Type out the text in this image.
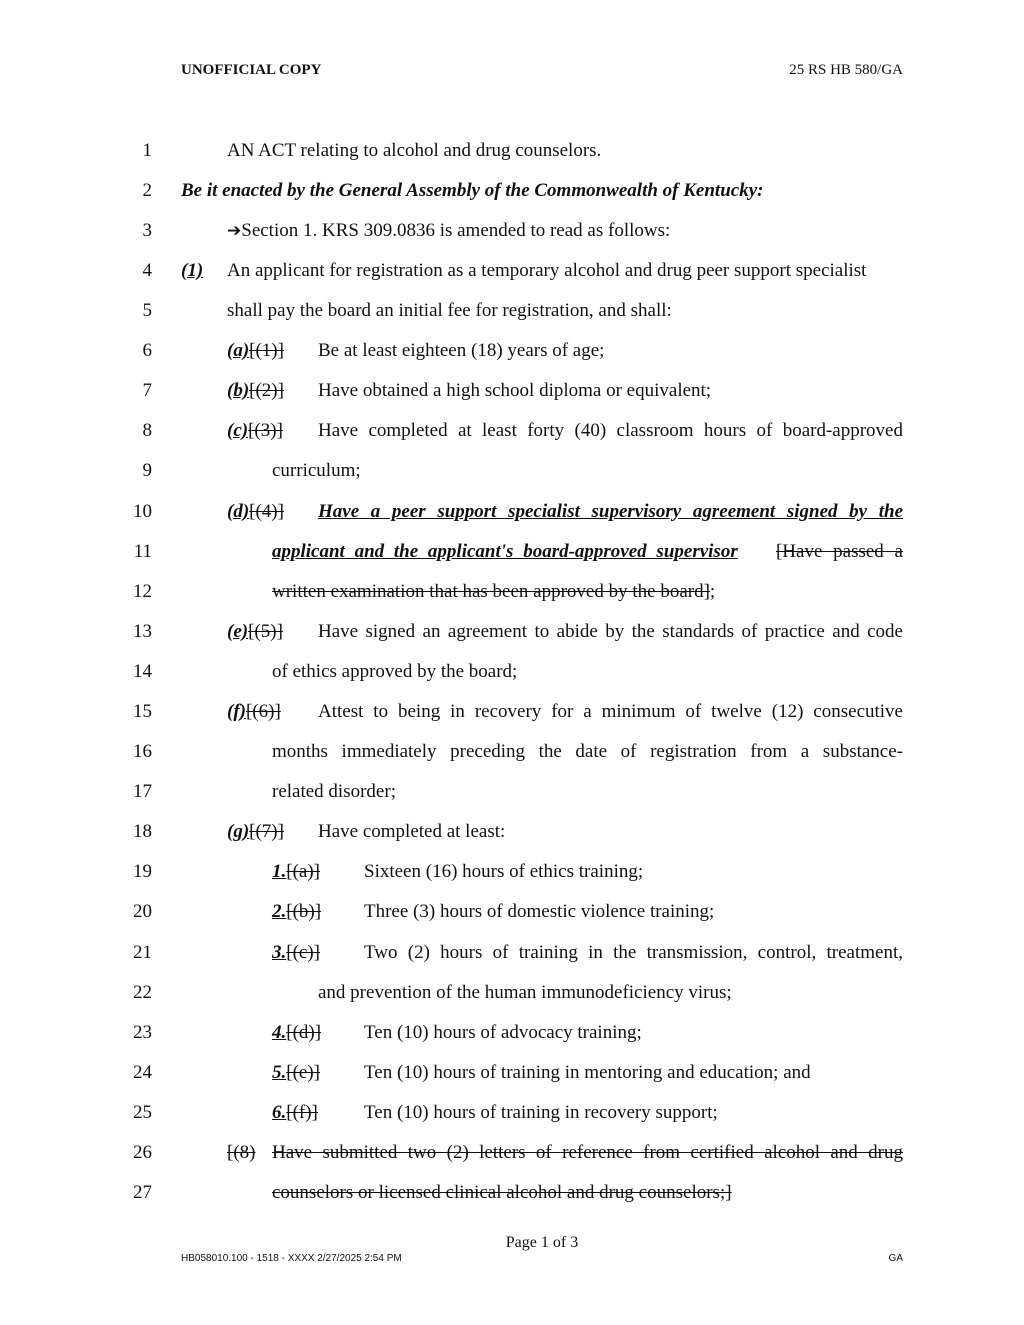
UNOFFICIAL COPY	25 RS HB 580/GA
1	AN ACT relating to alcohol and drug counselors.
2 Be it enacted by the General Assembly of the Commonwealth of Kentucky:
3	➔Section 1. KRS 309.0836 is amended to read as follows:
4 (1) An applicant for registration as a temporary alcohol and drug peer support specialist
5	shall pay the board an initial fee for registration, and shall:
6	(a)[(1)] Be at least eighteen (18) years of age;
7	(b)[(2)] Have obtained a high school diploma or equivalent;
8	(c)[(3)] Have completed at least forty (40) classroom hours of board-approved
9	curriculum;
10	(d)[(4)] Have a peer support specialist supervisory agreement signed by the
11	applicant and the applicant's board-approved supervisor [Have passed a
12	written examination that has been approved by the board];
13	(e)[(5)] Have signed an agreement to abide by the standards of practice and code
14	of ethics approved by the board;
15	(f)[(6)] Attest to being in recovery for a minimum of twelve (12) consecutive
16	months immediately preceding the date of registration from a substance-
17	related disorder;
18	(g)[(7)] Have completed at least:
19	1.[(a)] Sixteen (16) hours of ethics training;
20	2.[(b)] Three (3) hours of domestic violence training;
21	3.[(c)] Two (2) hours of training in the transmission, control, treatment,
22	and prevention of the human immunodeficiency virus;
23	4.[(d)] Ten (10) hours of advocacy training;
24	5.[(e)] Ten (10) hours of training in mentoring and education; and
25	6.[(f)] Ten (10) hours of training in recovery support;
26	[(8) Have submitted two (2) letters of reference from certified alcohol and drug
27	counselors or licensed clinical alcohol and drug counselors;]
Page 1 of 3
HB058010.100 - 1518 - XXXX 2/27/2025 2:54 PM	GA
